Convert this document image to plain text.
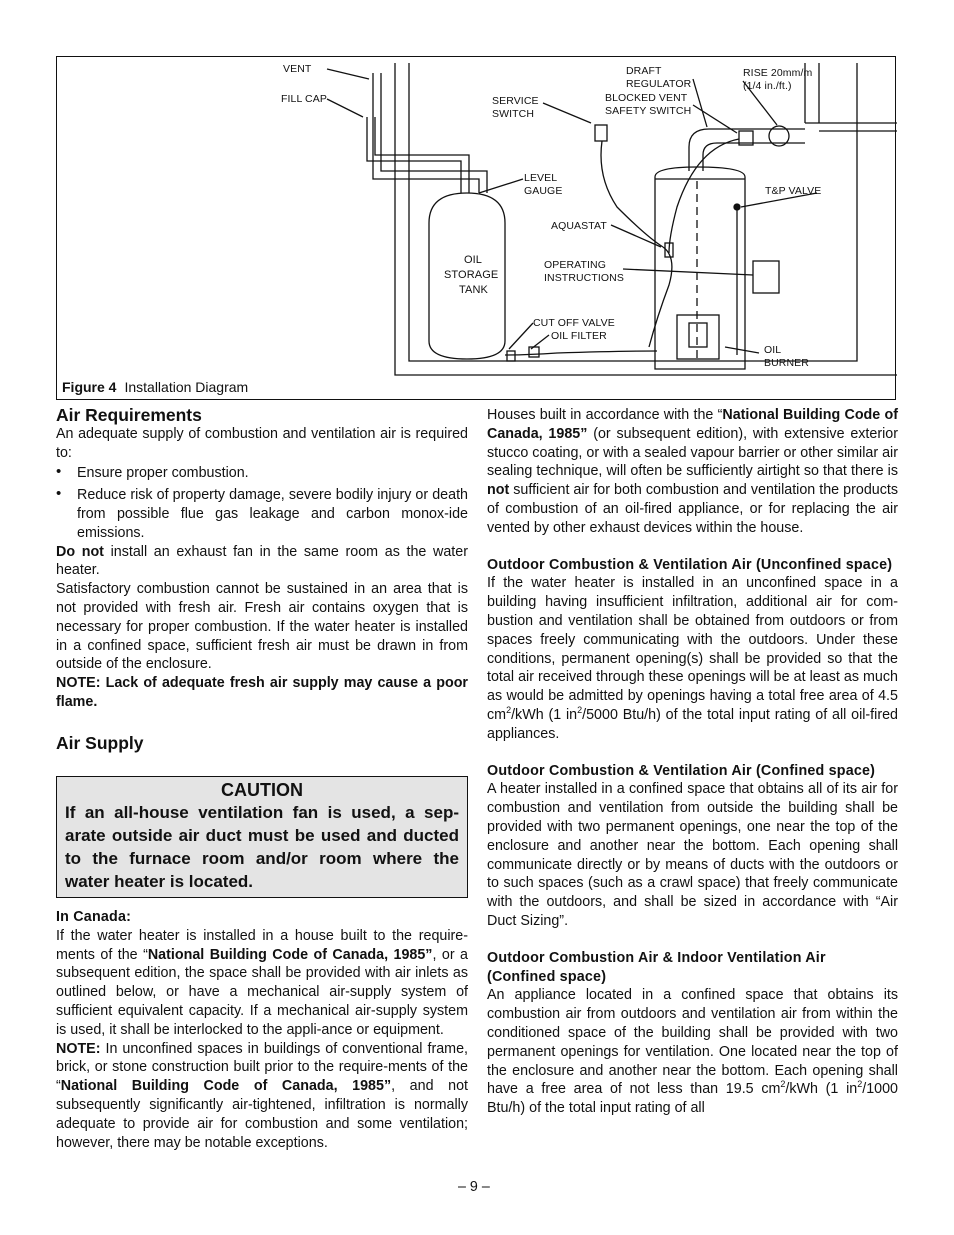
VENT
FILL CAP	SERVICE
SWITCH
DRAFT
REGULATOR
BLOCKED VENT
SAFETY SWITCH
RISE 20mm/m
(1/4 in./ft.)
LEVEL
GAUGE	T&P VALVE
AQUASTAT
OIL
STORAGE
TANK
OPERATING
INSTRUCTIONS
CUT OFF VALVE
OIL FILTER
OIL
BURNER
Figure 4 Installation Diagram
Air Requirements

An adequate supply of combustion and ventilation air is required to:

• Ensure proper combustion.
• Reduce risk of property damage, severe bodily injury or death from possible flue gas leakage and carbon monox-ide emissions.

Do not install an exhaust fan in the same room as the water heater.

Satisfactory combustion cannot be sustained in an area that is not provided with fresh air. Fresh air contains oxygen that is necessary for proper combustion. If the water heater is installed in a confined space, sufficient fresh air must be drawn in from outside of the enclosure.

NOTE: Lack of adequate fresh air supply may cause a poor flame.

Air Supply
CAUTION
If an all-house ventilation fan is used, a sep-arate outside air duct must be used and ducted to the furnace room and/or room where the water heater is located.
In Canada:

If the water heater is installed in a house built to the require-ments of the “National Building Code of Canada, 1985”, or a subsequent edition, the space shall be provided with air inlets as outlined below, or have a mechanical air-supply system of sufficient equivalent capacity. If a mechanical air-supply system is used, it shall be interlocked to the appli-ance or equipment.

NOTE: In unconfined spaces in buildings of conventional frame, brick, or stone construction built prior to the require-ments of the “National Building Code of Canada, 1985”, and not subsequently significantly air-tightened, infiltration is normally adequate to provide air for combustion and some ventilation; however, there may be notable exceptions.

Houses built in accordance with the “National Building Code of Canada, 1985” (or subsequent edition), with extensive exterior stucco coating, or with a sealed vapour barrier or other similar air sealing technique, will often be sufficiently airtight so that there is not sufficient air for both combustion and ventilation the products of combustion of an oil-fired appliance, or for replacing the air vented by other exhaust devices within the house.

Outdoor Combustion & Ventilation Air (Unconfined space)

If the water heater is installed in an unconfined space in a building having insufficient infiltration, additional air for com-bustion and ventilation shall be obtained from outdoors or from spaces freely communicating with the outdoors. Under these conditions, permanent opening(s) shall be provided so that the total air received through these openings will be at least as much as would be admitted by openings having a total free area of 4.5 $cm^2$/kWh (1 $in^2/5000$ Btu/h) of the total input rating of all oil-fired appliances.

Outdoor Combustion & Ventilation Air (Confined space)

A heater installed in a confined space that obtains all of its air for combustion and ventilation from outside the building shall be provided with two permanent openings, one near the top of the enclosure and another near the bottom. Each opening shall communicate directly or by means of ducts with the outdoors or to such spaces (such as a crawl space) that freely communicate with the outdoors, and shall be sized in accordance with “Air Duct Sizing”.

Outdoor Combustion Air & Indoor Ventilation Air (Confined space)

An appliance located in a confined space that obtains its combustion air from outdoors and ventilation air from within the conditioned space of the building shall be provided with two permanent openings for ventilation. One located near the top of the enclosure and another near the bottom. Each opening shall have a free area of not less than 19.5 $cm^2$/kWh (1 $in^2/1000$ Btu/h) of the total input rating of all

– 9 –
